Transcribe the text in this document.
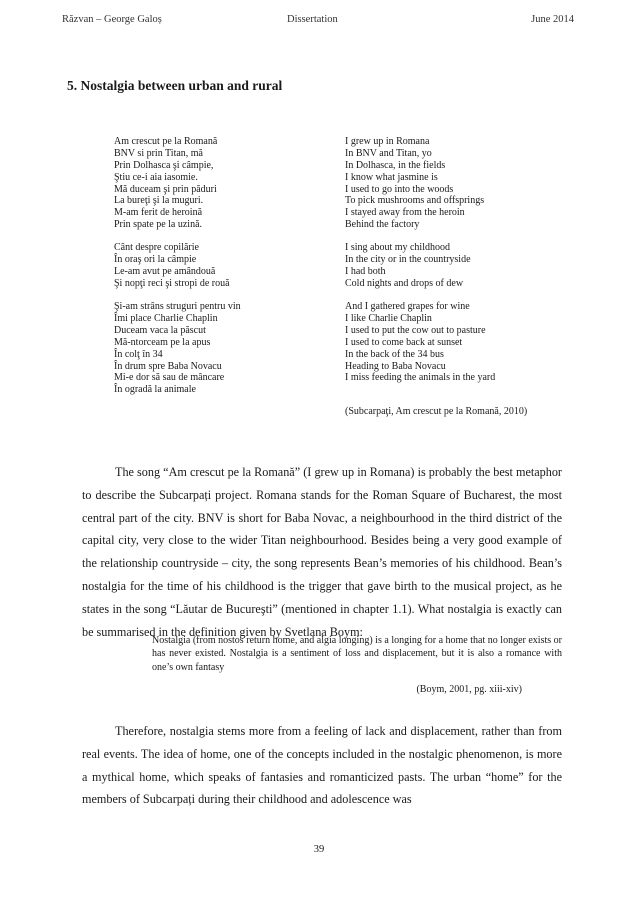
Răzvan – George Galoș	Dissertation	June 2014
5. Nostalgia between urban and rural
Am crescut pe la Romană
BNV si prin Titan, mă
Prin Dolhasca şi câmpie,
Ştiu ce-i aia iasomie.
Mă duceam şi prin păduri
La bureţi şi la muguri.
M-am ferit de heroină
Prin spate pe la uzină.
I grew up in Romana
In BNV and Titan, yo
In Dolhasca, in the fields
I know what jasmine is
I used to go into the woods
To pick mushrooms and offsprings
I stayed away from the heroin
Behind the factory
Cânt despre copilărie
În oraş ori la câmpie
Le-am avut pe amândouă
Şi nopţi reci şi stropi de rouă
I sing about my childhood
In the city or in the countryside
I had both
Cold nights and drops of dew
Şi-am strâns struguri pentru vin
Îmi place Charlie Chaplin
Duceam vaca la păscut
Mă-ntorceam pe la apus
În colţ în 34
În drum spre Baba Novacu
Mi-e dor să sau de mâncare
În ogradă la animale
And I gathered grapes for wine
I like Charlie Chaplin
I used to put the cow out to pasture
I used to come back at sunset
In the back of the 34 bus
Heading to Baba Novacu
I miss feeding the animals in the yard
(Subcarpaţi, Am crescut pe la Romană, 2010)

The song “Am crescut pe la Romană” (I grew up in Romana) is probably the best metaphor to describe the Subcarpați project. Romana stands for the Roman Square of Bucharest, the most central part of the city. BNV is short for Baba Novac, a neighbourhood in the third district of the capital city, very close to the wider Titan neighbourhood. Besides being a very good example of the relationship countryside – city, the song represents Bean’s memories of his childhood. Bean’s nostalgia for the time of his childhood is the trigger that gave birth to the musical project, as he states in the song “Lăutar de Bucureşti” (mentioned in chapter 1.1). What nostalgia is exactly can be summarised in the definition given by Svetlana Boym:

Nostalgia (from nostos return home, and algia longing) is a longing for a home that no longer exists or has never existed. Nostalgia is a sentiment of loss and displacement, but it is also a romance with one’s own fantasy

(Boym, 2001, pg. xiii-xiv)

Therefore, nostalgia stems more from a feeling of lack and displacement, rather than from real events. The idea of home, one of the concepts included in the nostalgic phenomenon, is more a mythical home, which speaks of fantasies and romanticized pasts. The urban “home” for the members of Subcarpați during their childhood and adolescence was

39
